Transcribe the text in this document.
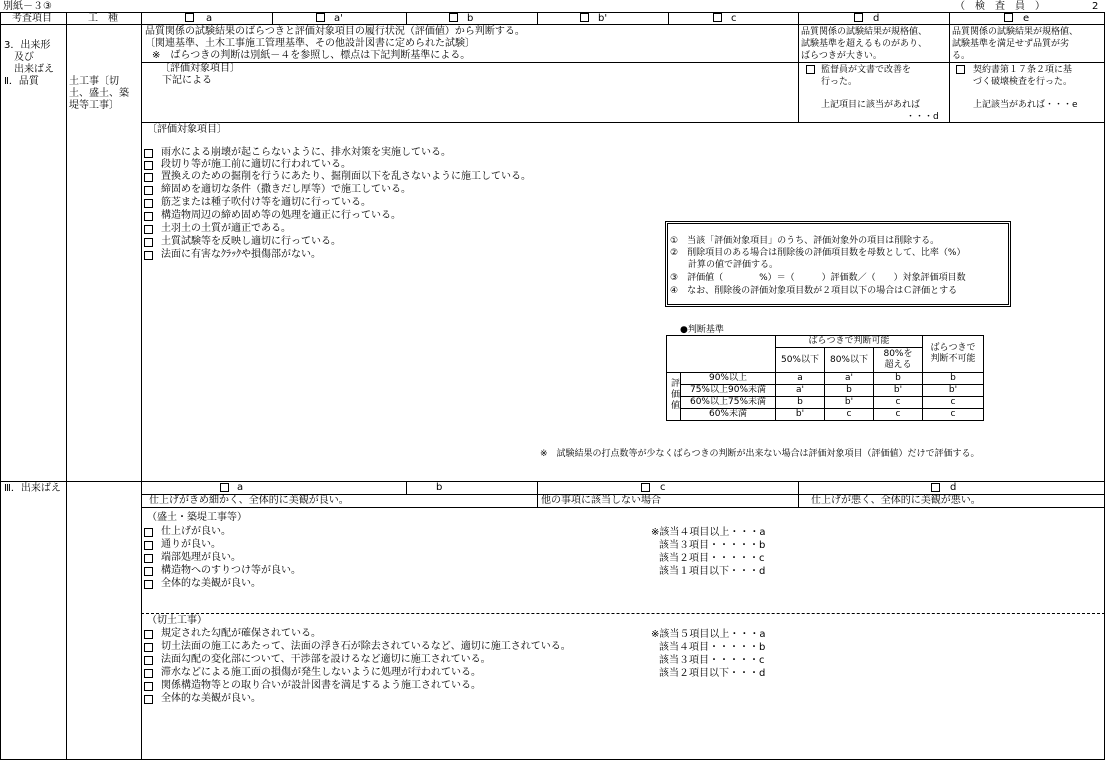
別紙－３③	（　検　査　員　）	2
考査項目	工　種	a	a'	b	b'	c	d	e
3．出来形
及び
出来ばえ
Ⅱ．品質	土工事〔切
土、盛土、築
堤等工事〕
品質関係の試験結果のばらつきと評価対象項目の履行状況（評価値）から判断する。
〔関連基準、土木工事施工管理基準、その他設計図書に定められた試験〕
※　ばらつきの判断は別紙－４を参照し、標点は下記判断基準による。
〔評価対象項目〕
下記による
品質関係の試験結果が規格値、
試験基準を超えるものがあり、
ばらつきが大きい。
監督員が文書で改善を
行った。
上記項目に該当があれば
・・・d
品質関係の試験結果が規格値、
試験基準を満足せず品質が劣
る。
契約書第１７条２項に基
づく破壊検査を行った。
上記該当があれば・・・e
〔評価対象項目〕
雨水による崩壊が起こらないように、排水対策を実施している。
段切り等が施工前に適切に行われている。
置換えのための掘削を行うにあたり、掘削面以下を乱さないように施工している。
締固めを適切な条件（撒きだし厚等）で施工している。
筋芝または種子吹付け等を適切に行っている。
構造物周辺の締め固め等の処理を適正に行っている。
土羽土の土質が適正である。
土質試験等を反映し適切に行っている。
法面に有害なｸﾗｯｸや損傷部がない。
①　当該「評価対象項目」のうち、評価対象外の項目は削除する。
②　削除項目のある場合は削除後の評価項目数を母数として、比率（%）
　　計算の値で評価する。
③　評価値（　　　　%）＝（　　　）評価数／（　　）対象評価項目数
④　なお、削除後の評価対象項目数が２項目以下の場合はＣ評価とする
●判断基準
		ばらつきで判断可能			ばらつきで
判断不可能
		50%以下	80%以下	80%を
超える	
評価値	90%以上	a	a'	b	b
	75%以上90%未満	a'	b	b'	b'
	60%以上75%未満	b	b'	c	c
	60%未満	b'	c	c	c
※　試験結果の打点数等が少なくばらつきの判断が出来ない場合は評価対象項目（評価値）だけで評価する。
Ⅲ．出来ばえ	a	b	c	d
仕上げがきめ細かく、全体的に美観が良い。	他の事項に該当しない場合	仕上げが悪く、全体的に美観が悪い。
（盛土・築堤工事等）
仕上げが良い。
通りが良い。
端部処理が良い。
構造物へのすりつけ等が良い。
全体的な美観が良い。
※該当４項目以上・・・a
該当３項目・・・・・b
該当２項目・・・・・c
該当１項目以下・・・d
（切土工事）
規定された勾配が確保されている。
切土法面の施工にあたって、法面の浮き石が除去されているなど、適切に施工されている。
法面勾配の変化部について、干渉部を設けるなど適切に施工されている。
滞水などによる施工面の損傷が発生しないように処理が行われている。
関係構造物等との取り合いが設計図書を満足するよう施工されている。
全体的な美観が良い。
※該当５項目以上・・・a
該当４項目・・・・・b
該当３項目・・・・・c
該当２項目以下・・・d
